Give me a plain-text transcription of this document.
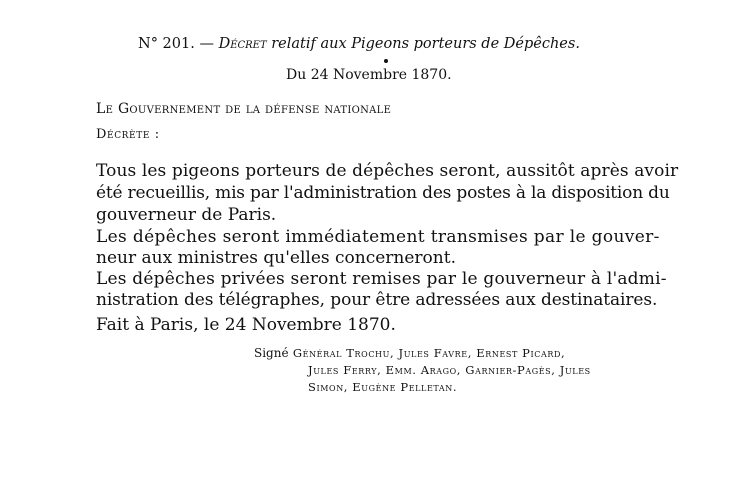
N° 201. — Décret relatif aux Pigeons porteurs de Dépêches.
Du 24 Novembre 1870.
Le Gouvernement de la défense nationale
Décrète :
Tous les pigeons porteurs de dépêches seront, aussitôt après avoir
été recueillis, mis par l'administration des postes à la disposition du
gouverneur de Paris.
Les dépêches seront immédiatement transmises par le gouver-
neur aux ministres qu'elles concerneront.
Les dépêches privées seront remises par le gouverneur à l'admi-
nistration des télégraphes, pour être adressées aux destinataires.
Fait à Paris, le 24 Novembre 1870.
Signé Général Trochu, Jules Favre, Ernest Picard,
Jules Ferry, Emm. Arago, Garnier-Pagès, Jules
Simon, Eugène Pelletan.
